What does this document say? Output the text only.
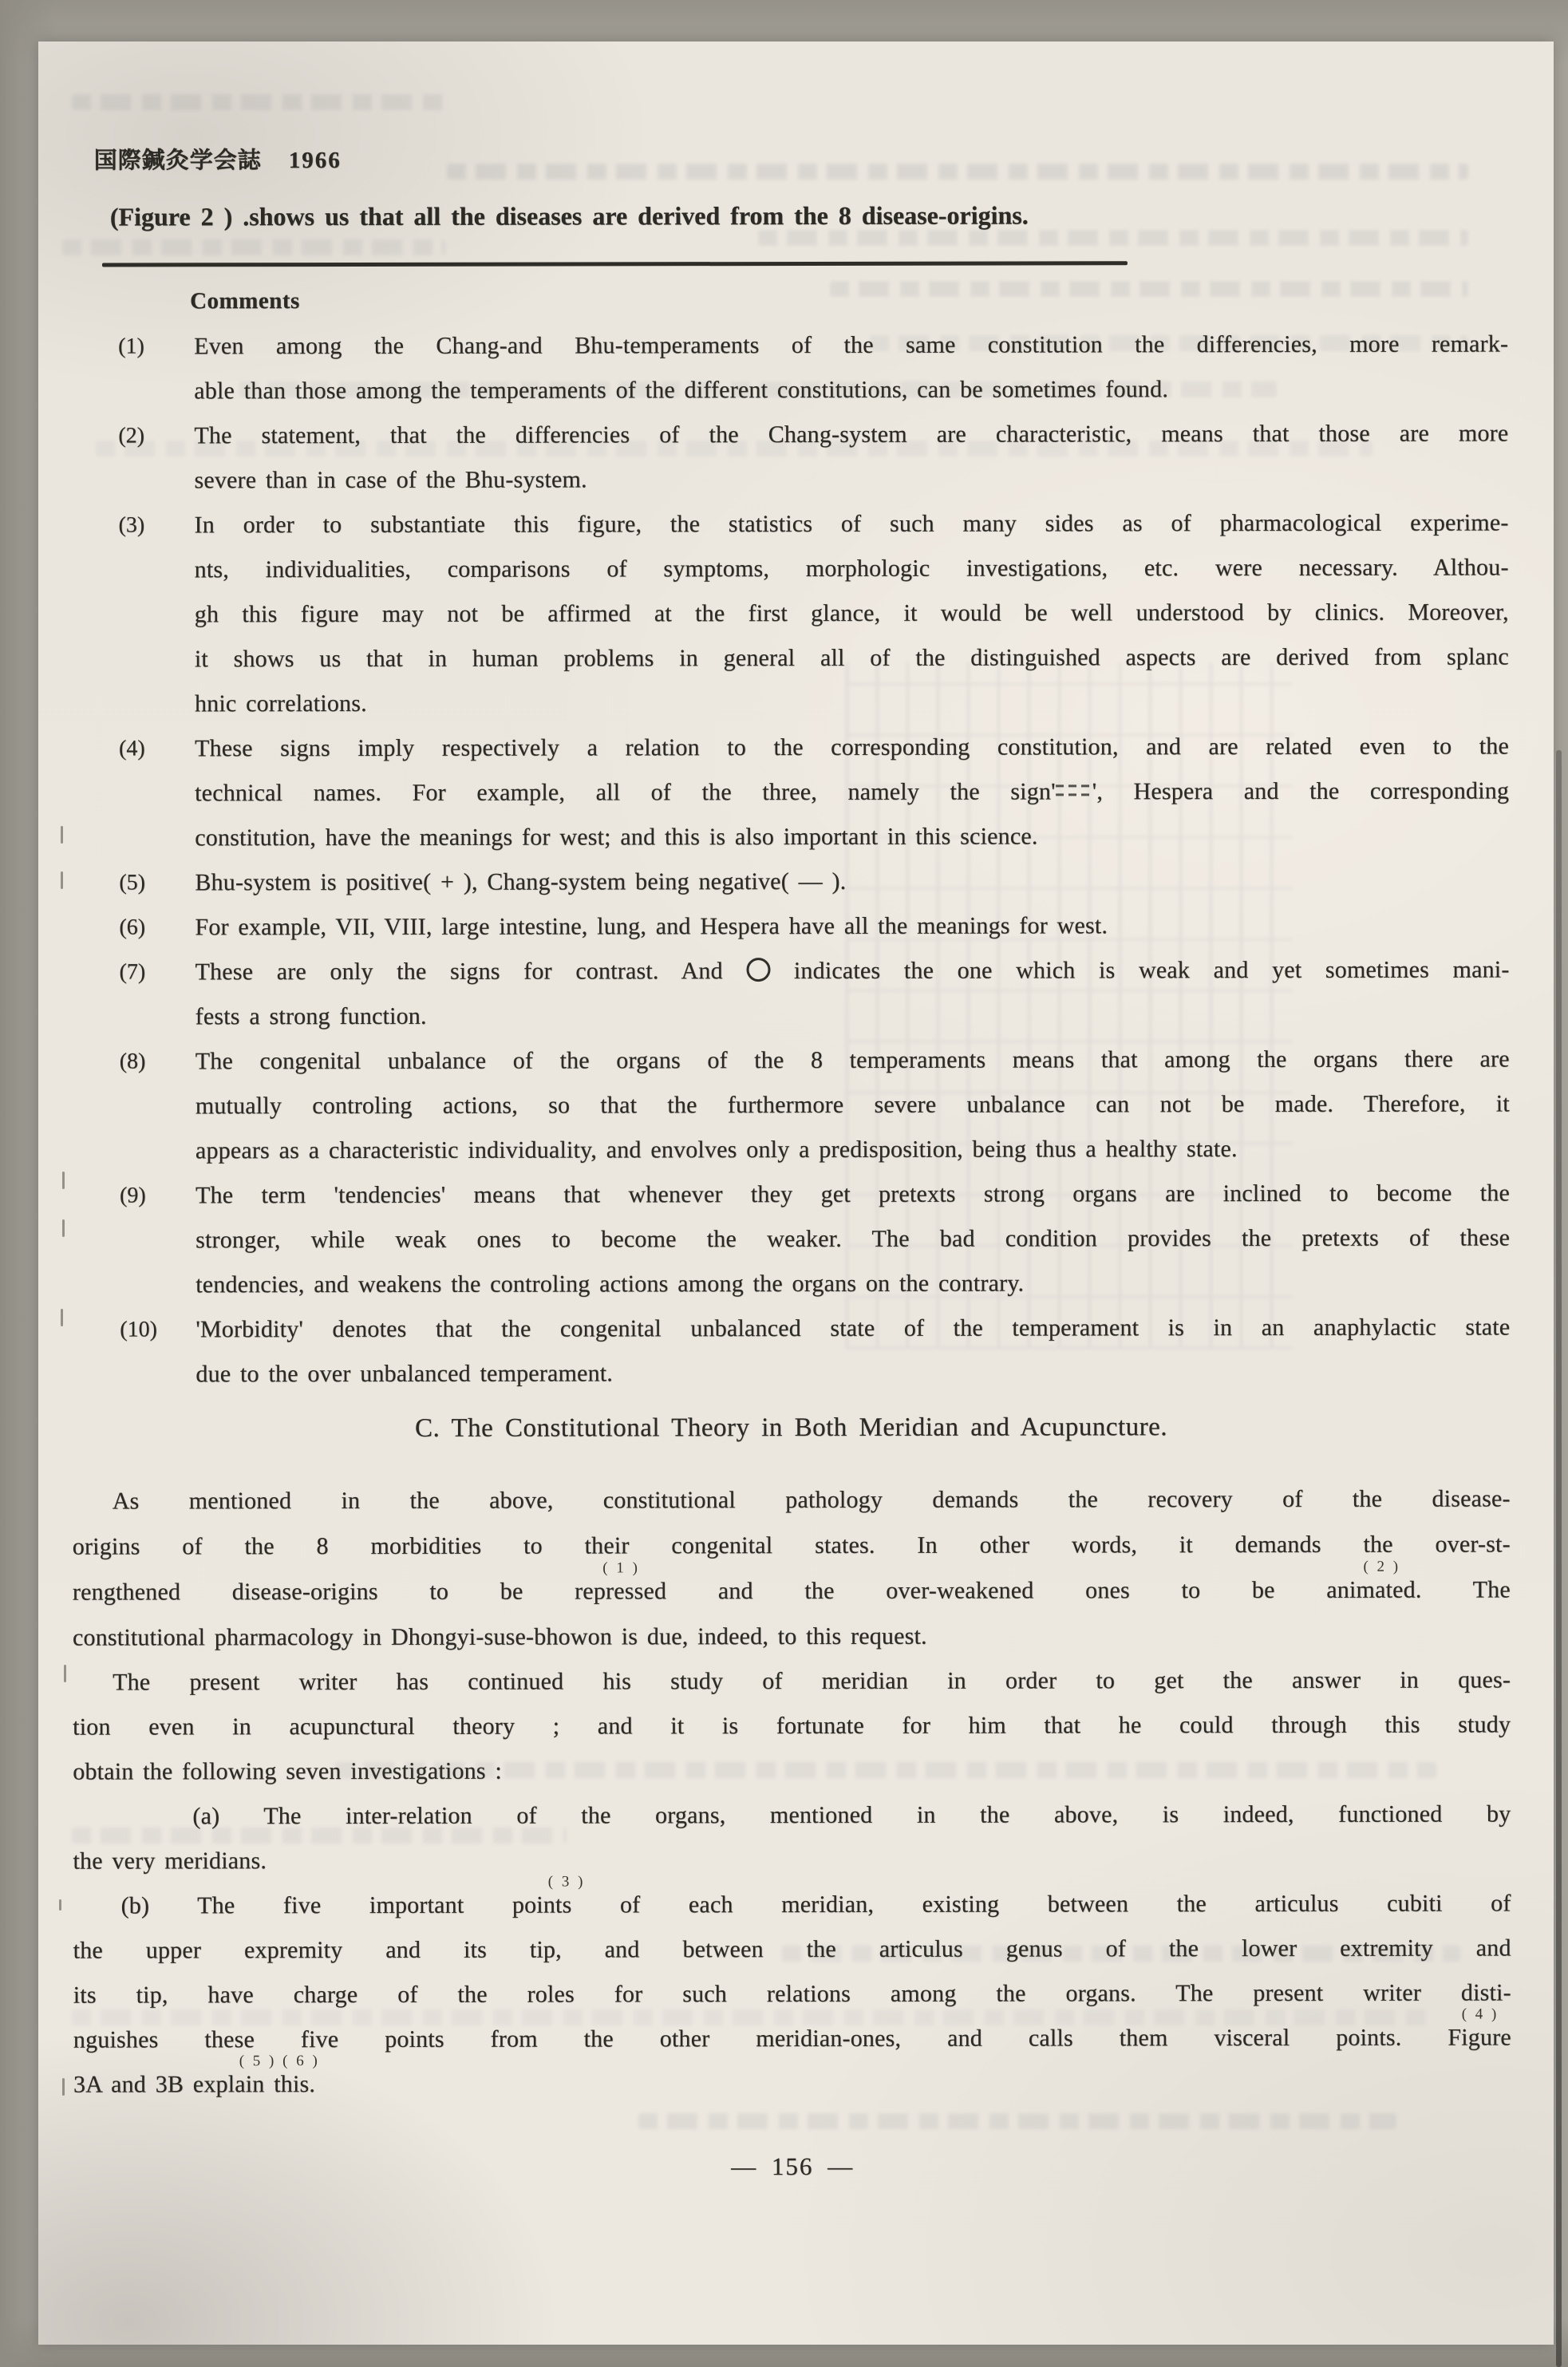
国際鍼灸学会誌 1966
(Figure 2 ) .shows us that all the diseases are derived from the 8 disease-origins.
Comments
(1)	Even among the Chang-and Bhu-temperaments of the same constitution the differencies, more remark-
able than those among the temperaments of the different constitutions, can be sometimes found.
(2)	The statement, that the differencies of the Chang-system are characteristic, means that those are more
severe than in case of the Bhu-system.
(3)	In order to substantiate this figure, the statistics of such many sides as of pharmacological experime-
nts, individualities, comparisons of symptoms, morphologic investigations, etc. were necessary. Althou-
gh this figure may not be affirmed at the first glance, it would be well understood by clinics. Moreover,
it shows us that in human problems in general all of the distinguished aspects are derived from splanc
hnic correlations.
(4)	These signs imply respectively a relation to the corresponding constitution, and are related even to the
technical names. For example, all of the three, namely the sign' ', Hespera and the corresponding
constitution, have the meanings for west; and this is also important in this science.
(5)	Bhu-system is positive( + ), Chang-system being negative( — ).
(6)	For example, VII, VIII, large intestine, lung, and Hespera have all the meanings for west.
(7)	These are only the signs for contrast. And  indicates the one which is weak and yet sometimes mani-
fests a strong function.
(8)	The congenital unbalance of the organs of the 8 temperaments means that among the organs there are
mutually controling actions, so that the furthermore severe unbalance can not be made. Therefore, it
appears as a characteristic individuality, and envolves only a predisposition, being thus a healthy state.
(9)	The term 'tendencies' means that whenever they get pretexts strong organs are inclined to become the
stronger, while weak ones to become the weaker. The bad condition provides the pretexts of these
tendencies, and weakens the controling actions among the organs on the contrary.
(10)	'Morbidity' denotes that the congenital unbalanced state of the temperament is in an anaphylactic state
due to the over unbalanced temperament.
C. The Constitutional Theory in Both Meridian and Acupuncture.
As mentioned in the above, constitutional pathology demands the recovery of the disease-
origins of the 8 morbidities to their congenital states. In other words, it demands the over-st-
rengthened disease-origins to be
( 1 )
repressed and the over-weakened ones to be
( 2 )
animated. The
constitutional pharmacology in Dhongyi-suse-bhowon is due, indeed, to this request.
The present writer has continued his study of meridian in order to get the answer in ques-
tion even in acupunctural theory ; and it is fortunate for him that he could through this study
obtain the following seven investigations :
(a) The inter-relation of the organs, mentioned in the above, is indeed, functioned by
the very meridians.
(b) The five important
( 3 )
points of each meridian, existing between the articulus cubiti of
the upper expremity and its tip, and between the articulus genus of the lower extremity and
its tip, have charge of the roles for such relations among the organs. The present writer disti-
nguishes these five points from the other meridian-ones, and calls them visceral points.
( 4 )
Figure
3A and 3B explain
( 5 ) ( 6 )
this.
— 156 —
